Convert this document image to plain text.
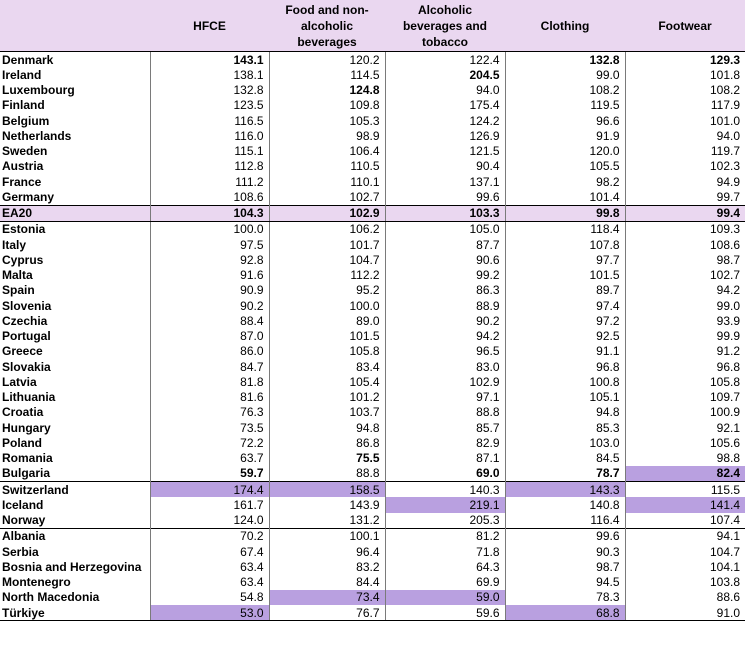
	HFCE	Food and non-alcoholic beverages	Alcoholic beverages and tobacco	Clothing	Footwear
Denmark	143.1	120.2	122.4	132.8	129.3
Ireland	138.1	114.5	204.5	99.0	101.8
Luxembourg	132.8	124.8	94.0	108.2	108.2
Finland	123.5	109.8	175.4	119.5	117.9
Belgium	116.5	105.3	124.2	96.6	101.0
Netherlands	116.0	98.9	126.9	91.9	94.0
Sweden	115.1	106.4	121.5	120.0	119.7
Austria	112.8	110.5	90.4	105.5	102.3
France	111.2	110.1	137.1	98.2	94.9
Germany	108.6	102.7	99.6	101.4	99.7
EA20	104.3	102.9	103.3	99.8	99.4
Estonia	100.0	106.2	105.0	118.4	109.3
Italy	97.5	101.7	87.7	107.8	108.6
Cyprus	92.8	104.7	90.6	97.7	98.7
Malta	91.6	112.2	99.2	101.5	102.7
Spain	90.9	95.2	86.3	89.7	94.2
Slovenia	90.2	100.0	88.9	97.4	99.0
Czechia	88.4	89.0	90.2	97.2	93.9
Portugal	87.0	101.5	94.2	92.5	99.9
Greece	86.0	105.8	96.5	91.1	91.2
Slovakia	84.7	83.4	83.0	96.8	96.8
Latvia	81.8	105.4	102.9	100.8	105.8
Lithuania	81.6	101.2	97.1	105.1	109.7
Croatia	76.3	103.7	88.8	94.8	100.9
Hungary	73.5	94.8	85.7	85.3	92.1
Poland	72.2	86.8	82.9	103.0	105.6
Romania	63.7	75.5	87.1	84.5	98.8
Bulgaria	59.7	88.8	69.0	78.7	82.4
Switzerland	174.4	158.5	140.3	143.3	115.5
Iceland	161.7	143.9	219.1	140.8	141.4
Norway	124.0	131.2	205.3	116.4	107.4
Albania	70.2	100.1	81.2	99.6	94.1
Serbia	67.4	96.4	71.8	90.3	104.7
Bosnia and Herzegovina	63.4	83.2	64.3	98.7	104.1
Montenegro	63.4	84.4	69.9	94.5	103.8
North Macedonia	54.8	73.4	59.0	78.3	88.6
Türkiye	53.0	76.7	59.6	68.8	91.0
